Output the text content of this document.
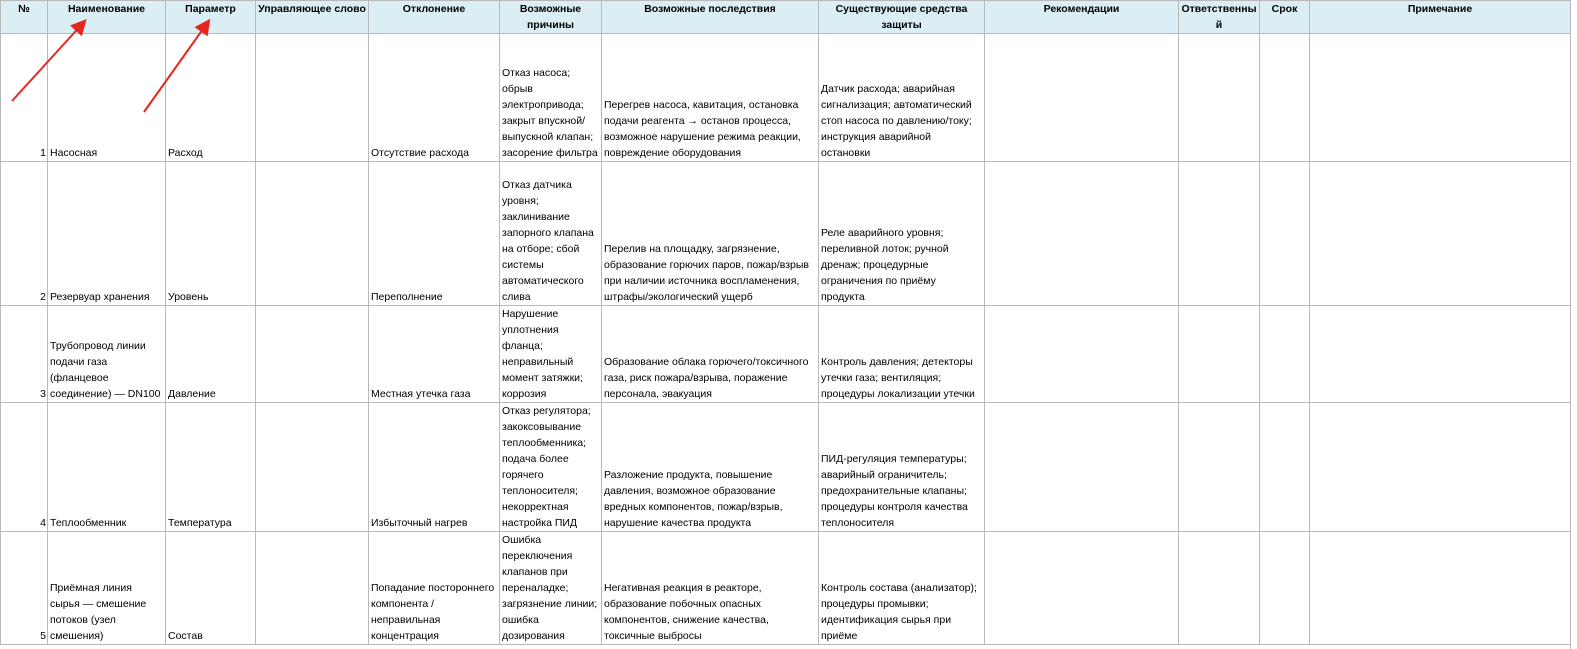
№	Наименование	Параметр	Управляющее слово	Отклонение	Возможные причины	Возможные последствия	Существующие средства защиты	Рекомендации	Ответственный	Срок	Примечание
1	Насосная	Расход		Отсутствие расхода	Отказ насоса; обрыв электропривода; закрыт впускной/выпускной клапан; засорение фильтра	Перегрев насоса, кавитация, остановка подачи реагента → останов процесса, возможное нарушение режима реакции, повреждение оборудования	Датчик расхода; аварийная сигнализация; автоматический стоп насоса по давлению/току; инструкция аварийной остановки				
2	Резервуар хранения	Уровень		Переполнение	Отказ датчика уровня; заклинивание запорного клапана на отборе; сбой системы автоматического слива	Перелив на площадку, загрязнение, образование горючих паров, пожар/взрыв при наличии источника воспламенения, штрафы/экологический ущерб	Реле аварийного уровня; переливной лоток; ручной дренаж; процедурные ограничения по приёму продукта				
3	Трубопровод линии подачи газа (фланцевое соединение) — DN100	Давление		Местная утечка газа	Нарушение уплотнения фланца; неправильный момент затяжки; коррозия	Образование облака горючего/токсичного газа, риск пожара/взрыва, поражение персонала, эвакуация	Контроль давления; детекторы утечки газа; вентиляция; процедуры локализации утечки				
4	Теплообменник	Температура		Избыточный нагрев	Отказ регулятора; закоксовывание теплообменника; подача более горячего теплоносителя; некорректная настройка ПИД	Разложение продукта, повышение давления, возможное образование вредных компонентов, пожар/взрыв, нарушение качества продукта	ПИД-регуляция температуры; аварийный ограничитель; предохранительные клапаны; процедуры контроля качества теплоносителя				
5	Приёмная линия сырья — смешение потоков (узел смешения)	Состав		Попадание постороннего компонента / неправильная концентрация	Ошибка переключения клапанов при переналадке; загрязнение линии; ошибка дозирования	Негативная реакция в реакторе, образование побочных опасных компонентов, снижение качества, токсичные выбросы	Контроль состава (анализатор); процедуры промывки; идентификация сырья при приёме				
